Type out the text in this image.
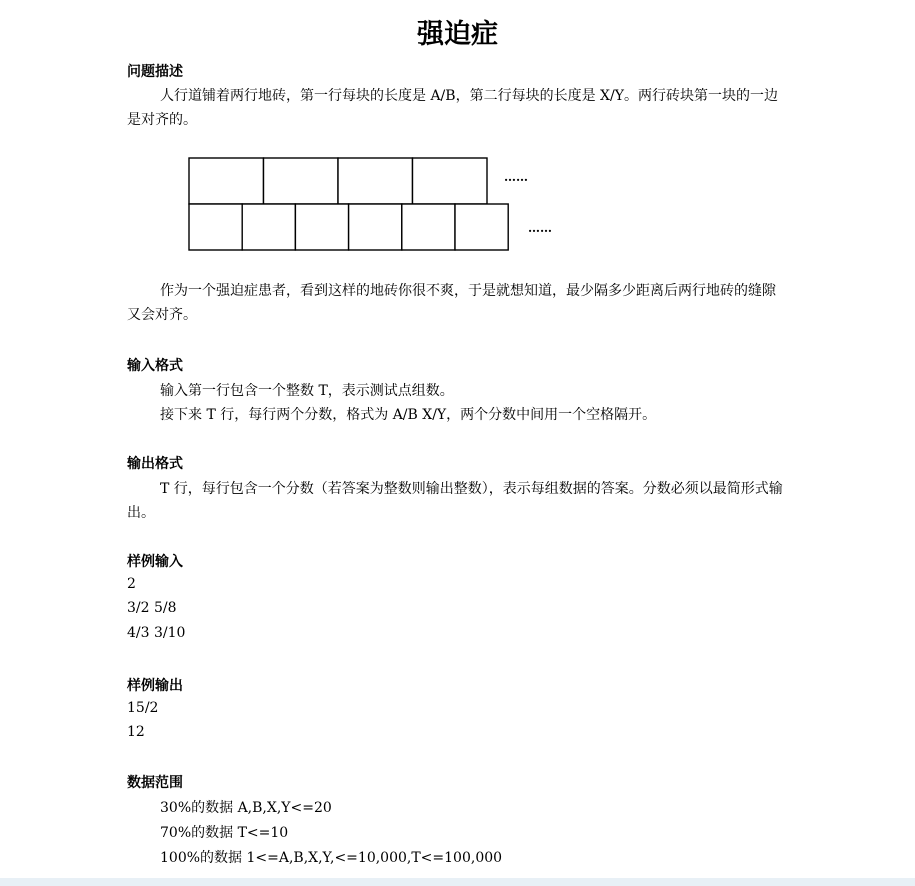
强迫症
问题描述
人行道铺着两行地砖，第一行每块的长度是 A/B，第二行每块的长度是 X/Y。两行砖块第一块的一边是对齐的。
……
……
作为一个强迫症患者，看到这样的地砖你很不爽，于是就想知道，最少隔多少距离后两行地砖的缝隙又会对齐。
输入格式
输入第一行包含一个整数 T，表示测试点组数。
接下来 T 行，每行两个分数，格式为 A/B X/Y，两个分数中间用一个空格隔开。
输出格式
T 行，每行包含一个分数（若答案为整数则输出整数），表示每组数据的答案。分数必须以最简形式输出。
样例输入
2
3/2 5/8
4/3 3/10
样例输出
15/2
12
数据范围
30%的数据 A,B,X,Y<=20
70%的数据 T<=10
100%的数据 1<=A,B,X,Y,<=10,000,T<=100,000
